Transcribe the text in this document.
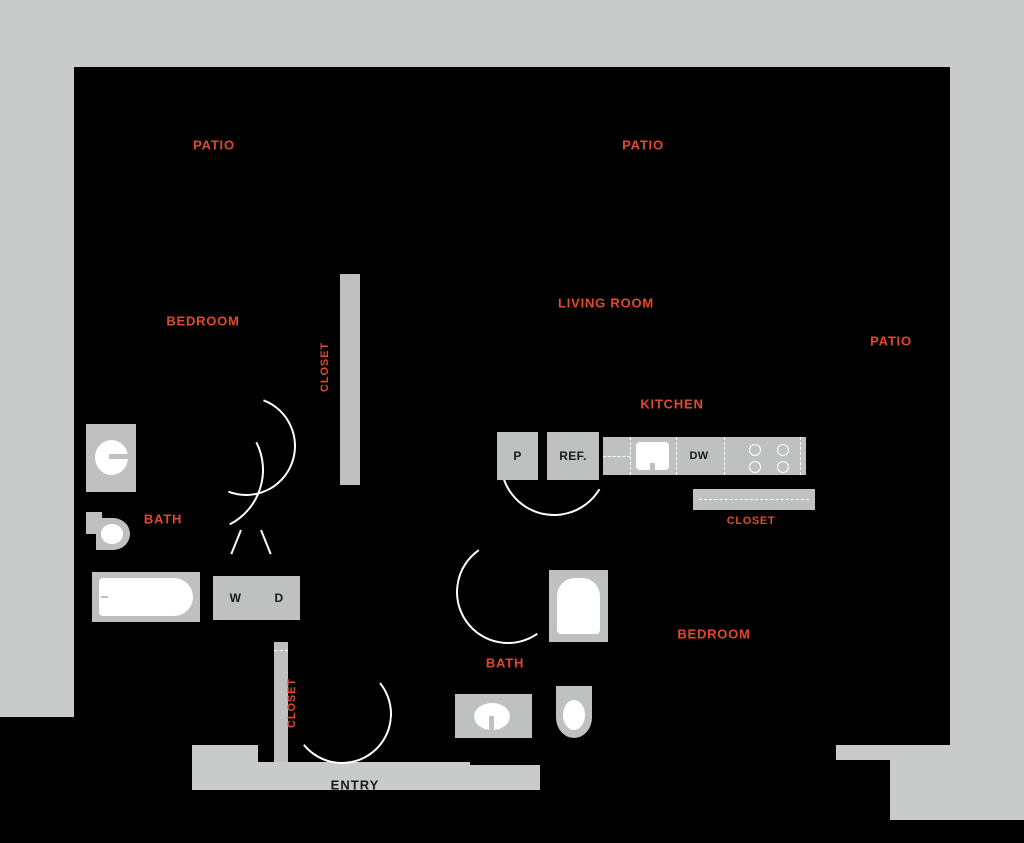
W	D
P	REF.	DW
PATIO	PATIO
PATIO
BEDROOM
LIVING ROOM
KITCHEN
BEDROOM
BATH
BATH
CLOSET
CLOSET
CLOSET
ENTRY
